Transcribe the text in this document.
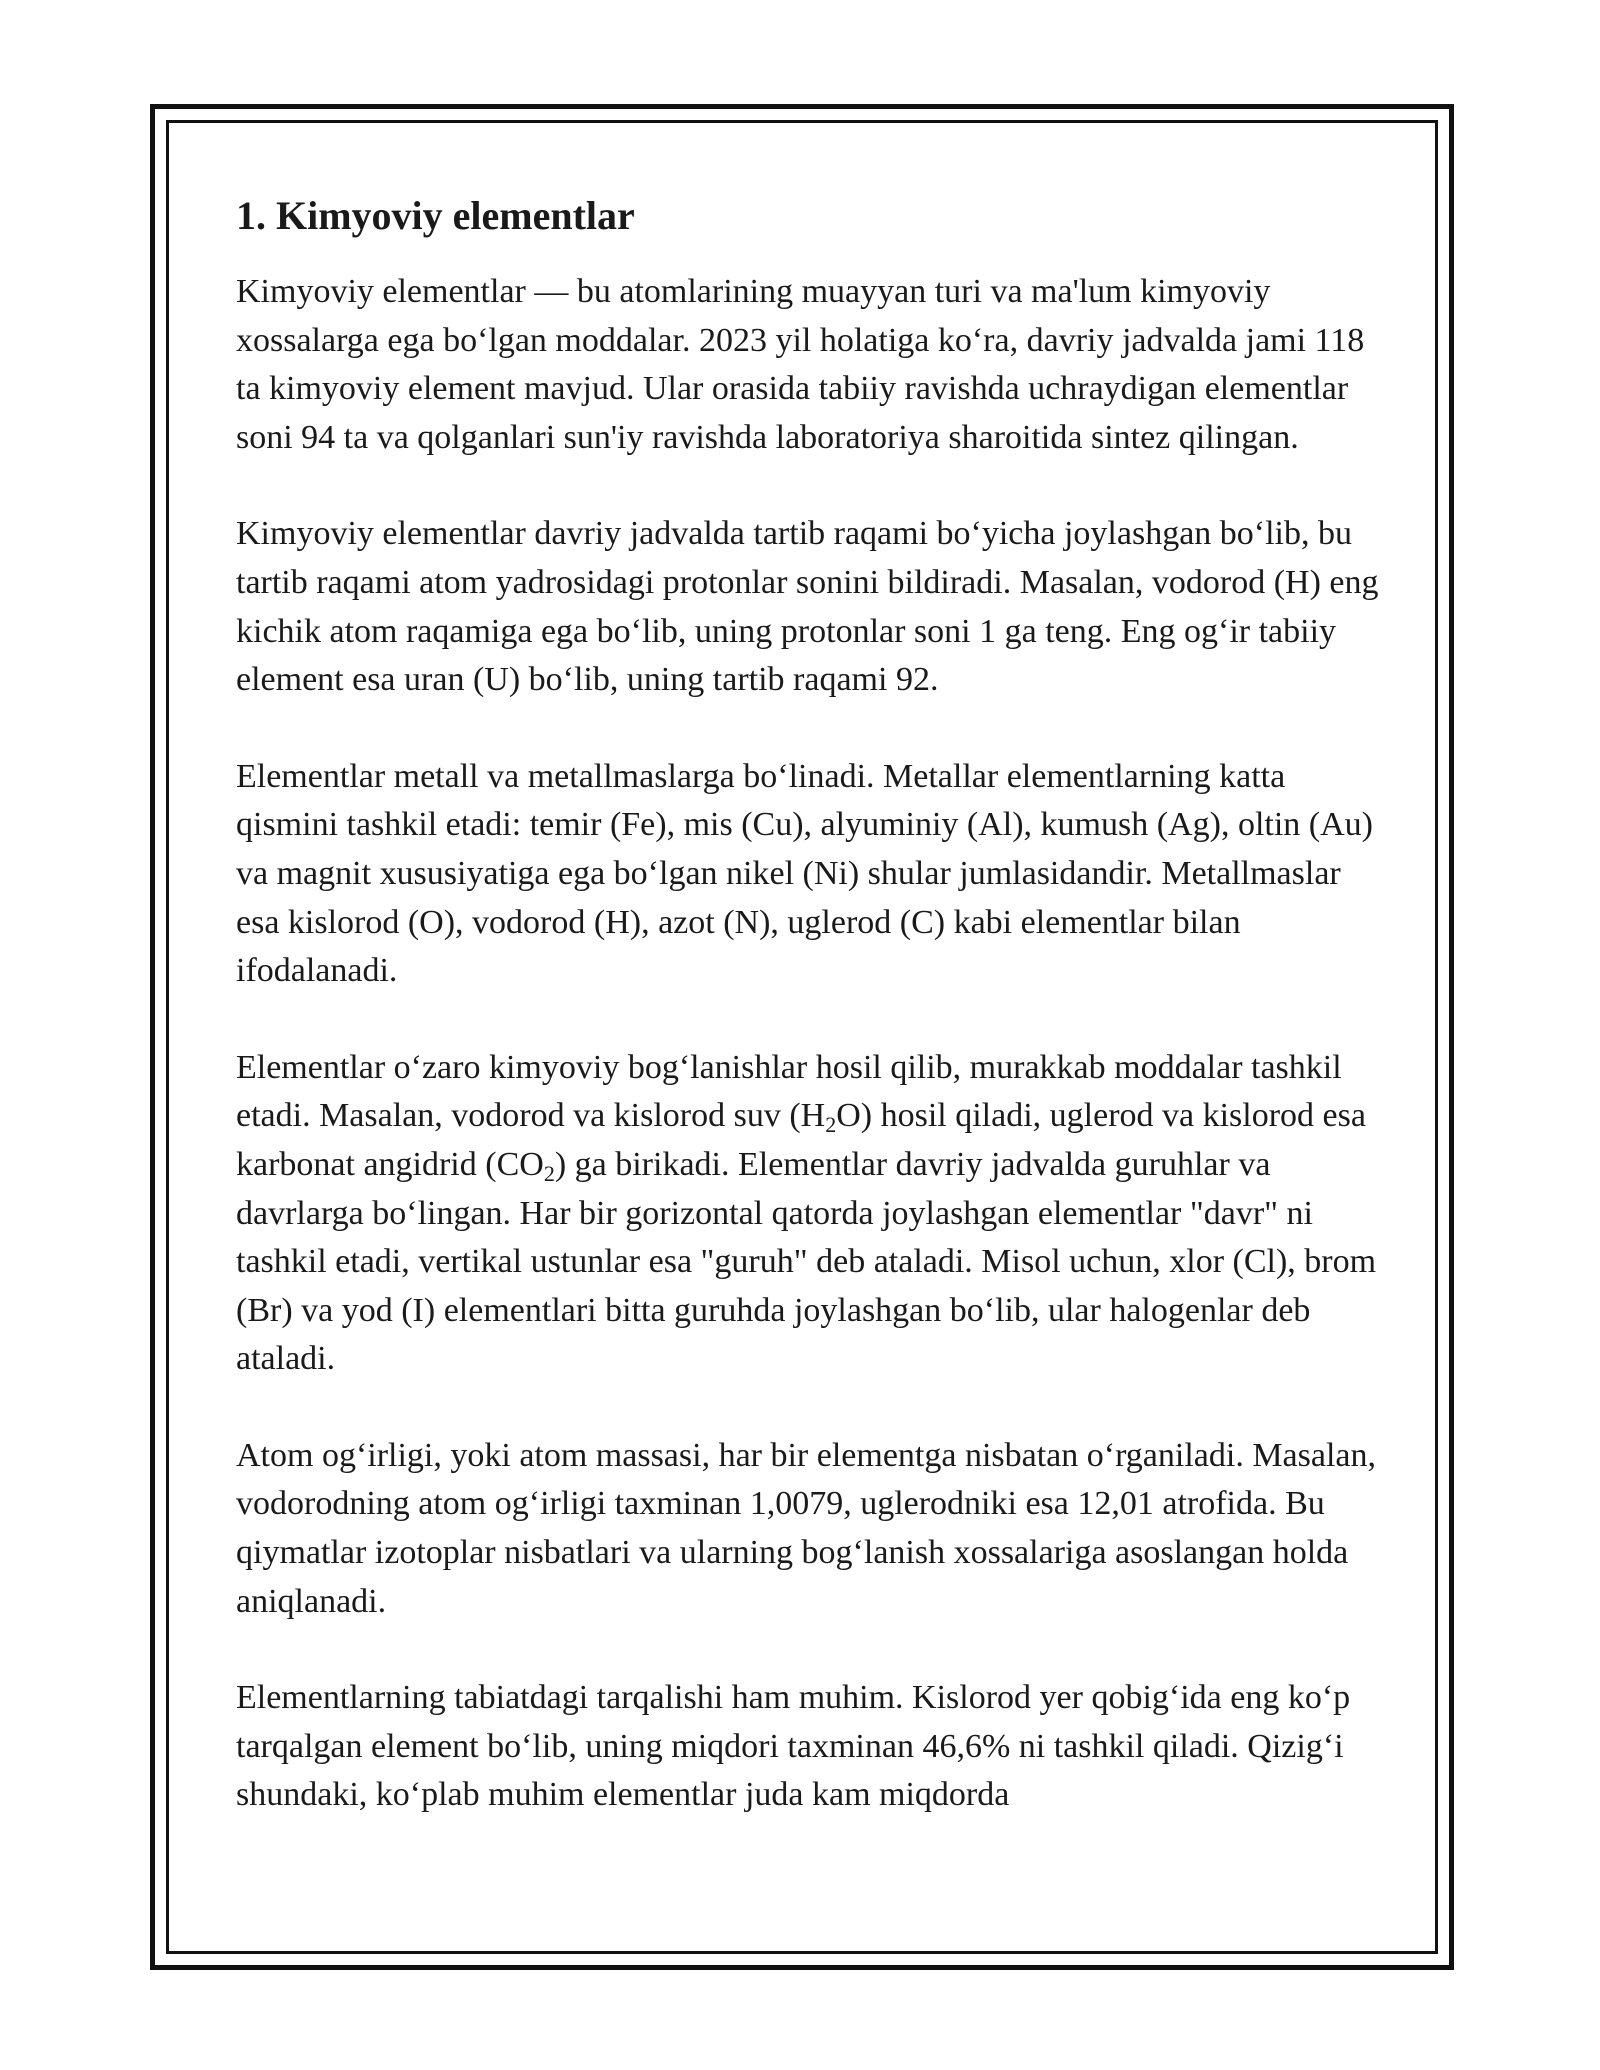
1. Kimyoviy elementlar

Kimyoviy elementlar — bu atomlarining muayyan turi va ma'lum kimyoviy xossalarga ega bo‘lgan moddalar. 2023 yil holatiga ko‘ra, davriy jadvalda jami 118 ta kimyoviy element mavjud. Ular orasida tabiiy ravishda uchraydigan elementlar soni 94 ta va qolganlari sun'iy ravishda laboratoriya sharoitida sintez qilingan.

Kimyoviy elementlar davriy jadvalda tartib raqami bo‘yicha joylashgan bo‘lib, bu tartib raqami atom yadrosidagi protonlar sonini bildiradi. Masalan, vodorod (H) eng kichik atom raqamiga ega bo‘lib, uning protonlar soni 1 ga teng. Eng og‘ir tabiiy element esa uran (U) bo‘lib, uning tartib raqami 92.

Elementlar metall va metallmaslarga bo‘linadi. Metallar elementlarning katta qismini tashkil etadi: temir (Fe), mis (Cu), alyuminiy (Al), kumush (Ag), oltin (Au) va magnit xususiyatiga ega bo‘lgan nikel (Ni) shular jumlasidandir. Metallmaslar esa kislorod (O), vodorod (H), azot (N), uglerod (C) kabi elementlar bilan ifodalanadi.

Elementlar o‘zaro kimyoviy bog‘lanishlar hosil qilib, murakkab moddalar tashkil etadi. Masalan, vodorod va kislorod suv $(H_2O)$ hosil qiladi, uglerod va kislorod esa karbonat angidrid $(CO_2)$ ga birikadi. Elementlar davriy jadvalda guruhlar va davrlarga bo‘lingan. Har bir gorizontal qatorda joylashgan elementlar "davr" ni tashkil etadi, vertikal ustunlar esa "guruh" deb ataladi. Misol uchun, xlor (Cl), brom (Br) va yod (I) elementlari bitta guruhda joylashgan bo‘lib, ular halogenlar deb ataladi.

Atom og‘irligi, yoki atom massasi, har bir elementga nisbatan o‘rganiladi. Masalan, vodorodning atom og‘irligi taxminan 1,0079, uglerodniki esa 12,01 atrofida. Bu qiymatlar izotoplar nisbatlari va ularning bog‘lanish xossalariga asoslangan holda aniqlanadi.

Elementlarning tabiatdagi tarqalishi ham muhim. Kislorod yer qobig‘ida eng ko‘p tarqalgan element bo‘lib, uning miqdori taxminan 46,6% ni tashkil qiladi. Qizig‘i shundaki, ko‘plab muhim elementlar juda kam miqdorda
